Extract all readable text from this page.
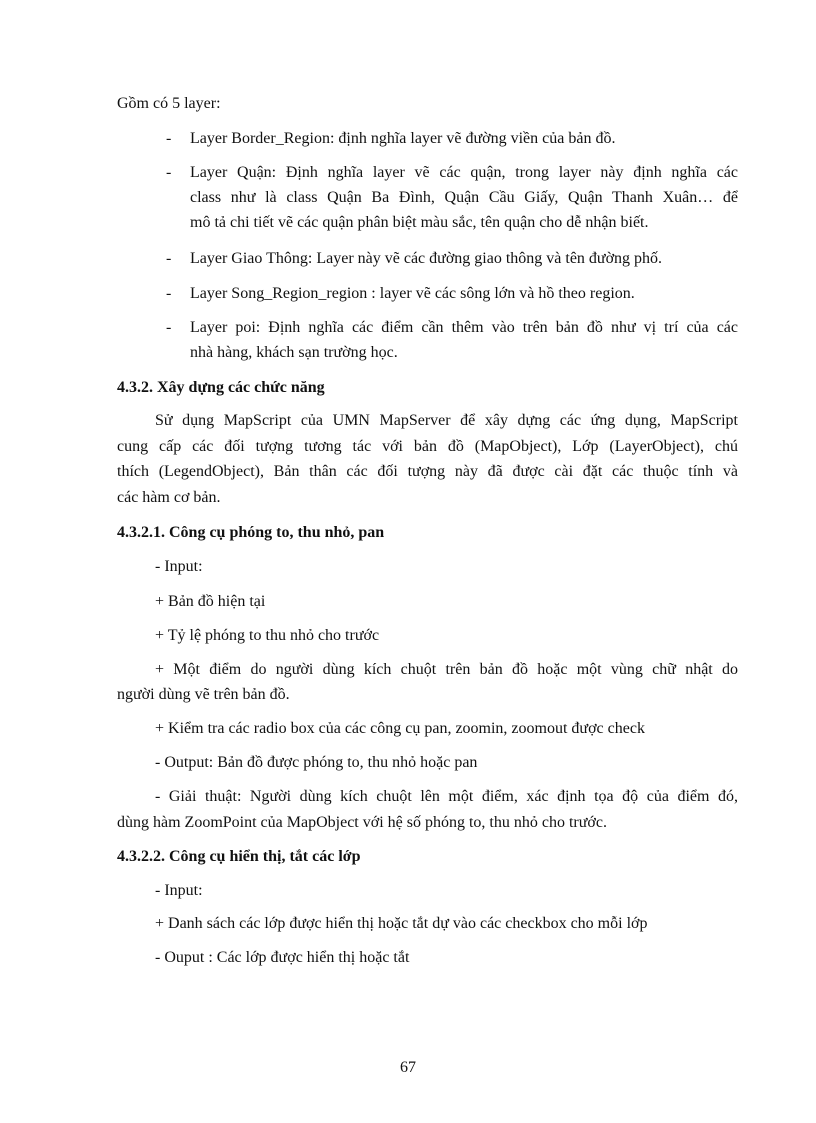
Gồm có 5 layer:
- Layer Border_Region: định nghĩa layer vẽ đường viền của bản đồ.
- Layer Quận: Định nghĩa layer vẽ các quận, trong layer này định nghĩa các
class như là class Quận Ba Đình, Quận Cầu Giấy, Quận Thanh Xuân… để
mô tả chi tiết vẽ các quận phân biệt màu sắc, tên quận cho dễ nhận biết.
- Layer Giao Thông: Layer này vẽ các đường giao thông và tên đường phố.
- Layer Song_Region_region : layer vẽ các sông lớn và hồ theo region.
- Layer poi: Định nghĩa các điểm cần thêm vào trên bản đồ như vị trí của các
nhà hàng, khách sạn trường học.
4.3.2. Xây dựng các chức năng
Sử dụng MapScript của UMN MapServer để xây dựng các ứng dụng, MapScript
cung cấp các đối tượng tương tác với bản đồ (MapObject), Lớp (LayerObject), chú
thích (LegendObject), Bản thân các đối tượng này đã được cài đặt các thuộc tính và
các hàm cơ bản.
4.3.2.1. Công cụ phóng to, thu nhỏ, pan
- Input:
+ Bản đồ hiện tại
+ Tỷ lệ phóng to thu nhỏ cho trước
+ Một điểm do người dùng kích chuột trên bản đồ hoặc một vùng chữ nhật do
người dùng vẽ trên bản đồ.
+ Kiểm tra các radio box của các công cụ pan, zoomin, zoomout được check
- Output: Bản đồ được phóng to, thu nhỏ hoặc pan
- Giải thuật: Người dùng kích chuột lên một điểm, xác định tọa độ của điểm đó,
dùng hàm ZoomPoint của MapObject với hệ số phóng to, thu nhỏ cho trước.
4.3.2.2. Công cụ hiển thị, tắt các lớp
- Input:
+ Danh sách các lớp được hiển thị hoặc tắt dự vào các checkbox cho mỗi lớp
- Ouput : Các lớp được hiển thị hoặc tắt
67
